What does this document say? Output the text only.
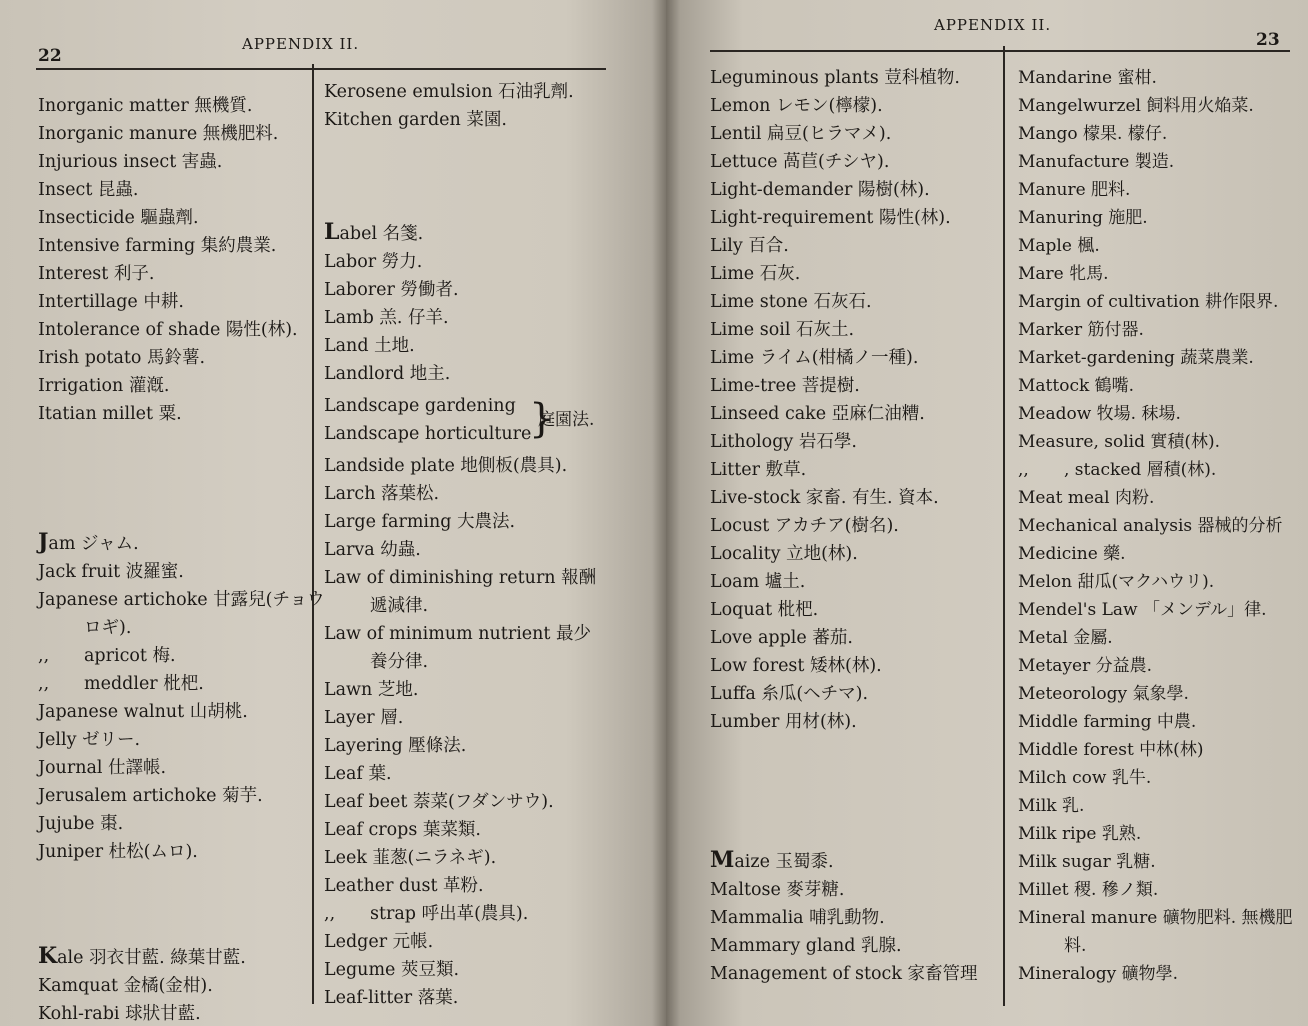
22
APPENDIX II.
Inorganic matter 無機質.
Inorganic manure 無機肥料.
Injurious insect 害蟲.
Insect 昆蟲.
Insecticide 驅蟲劑.
Intensive farming 集約農業.
Interest 利子.
Intertillage 中耕.
Intolerance of shade 陽性(林).
Irish potato 馬鈴薯.
Irrigation 灌漑.
Itatian millet 粟.
Jam ジャム.
Jack fruit 波羅蜜.
Japanese artichoke 甘露兒(チョウ
ロギ).
,, apricot 梅.
,, meddler 枇杷.
Japanese walnut 山胡桃.
Jelly ゼリー.
Journal 仕譯帳.
Jerusalem artichoke 菊芋.
Jujube 棗.
Juniper 杜松(ムロ).
Kale 羽衣甘藍. 綠葉甘藍.
Kamquat 金橘(金柑).
Kohl-rabi 球狀甘藍.
Kerosene emulsion 石油乳劑.
Kitchen garden 菜園.
Label 名箋.
Labor 勞力.
Laborer 勞働者.
Lamb 羔. 仔羊.
Land 土地.
Landlord 地主.
Landscape gardening
Landscape horticulture
}
庭園法.
Landside plate 地側板(農具).
Larch 落葉松.
Large farming 大農法.
Larva 幼蟲.
Law of diminishing return 報酬
遞減律.
Law of minimum nutrient 最少
養分律.
Lawn 芝地.
Layer 層.
Layering 壓條法.
Leaf 葉.
Leaf beet 萘菜(フダンサウ).
Leaf crops 葉菜類.
Leek 韮葱(ニラネギ).
Leather dust 革粉.
,, strap 呼出革(農具).
Ledger 元帳.
Legume 莢豆類.
Leaf-litter 落葉.
APPENDIX II.
23
Leguminous plants 荳科植物.
Lemon レモン(檸檬).
Lentil 扁豆(ヒラマメ).
Lettuce 萵苣(チシヤ).
Light-demander 陽樹(林).
Light-requirement 陽性(林).
Lily 百合.
Lime 石灰.
Lime stone 石灰石.
Lime soil 石灰土.
Lime ライム(柑橘ノ一種).
Lime-tree 菩提樹.
Linseed cake 亞麻仁油糟.
Lithology 岩石學.
Litter 敷草.
Live-stock 家畜. 有生. 資本.
Locust アカチア(樹名).
Locality 立地(林).
Loam 壚土.
Loquat 枇杷.
Love apple 蕃茄.
Low forest 矮林(林).
Luffa 糸瓜(ヘチマ).
Lumber 用材(林).
Maize 玉蜀黍.
Maltose 麥芽糖.
Mammalia 哺乳動物.
Mammary gland 乳腺.
Management of stock 家畜管理
Mandarine 蜜柑.
Mangelwurzel 飼料用火焔菜.
Mango 檬果. 檬仔.
Manufacture 製造.
Manure 肥料.
Manuring 施肥.
Maple 楓.
Mare 牝馬.
Margin of cultivation 耕作限界.
Marker 筋付器.
Market-gardening 蔬菜農業.
Mattock 鶴嘴.
Meadow 牧場. 秣場.
Measure, solid 實積(林).
,, , stacked 層積(林).
Meat meal 肉粉.
Mechanical analysis 器械的分析
Medicine 藥.
Melon 甜瓜(マクハウリ).
Mendel's Law 「メンデル」律.
Metal 金屬.
Metayer 分益農.
Meteorology 氣象學.
Middle farming 中農.
Middle forest 中林(林)
Milch cow 乳牛.
Milk 乳.
Milk ripe 乳熟.
Milk sugar 乳糖.
Millet 稷. 穇ノ類.
Mineral manure 礦物肥料. 無機肥
料.
Mineralogy 礦物學.
